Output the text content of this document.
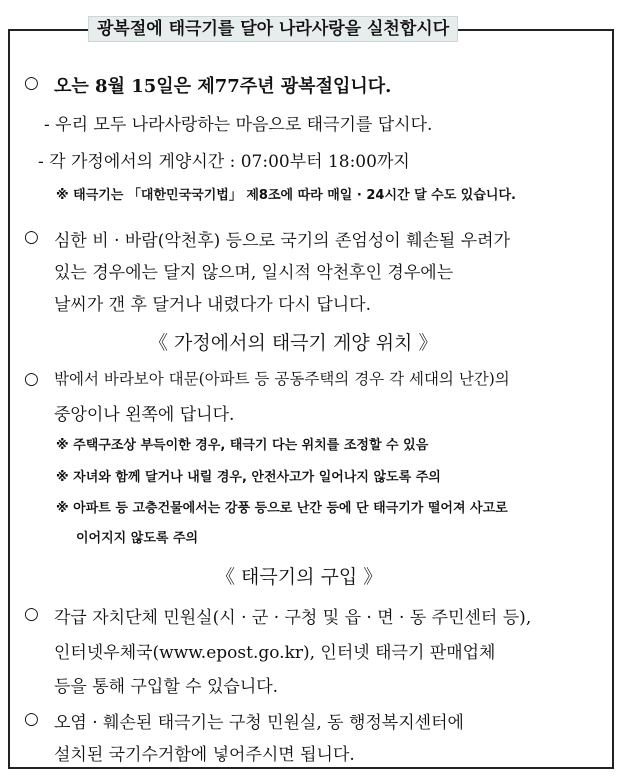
광복절에 태극기를 달아 나라사랑을 실천합시다
○ 오는 8월 15일은 제77주년 광복절입니다.
- 우리 모두 나라사랑하는 마음으로 태극기를 답시다.
- 각 가정에서의 게양시간 : 07:00부터 18:00까지
※ 태극기는 「대한민국국기법」 제8조에 따라 매일 · 24시간 달 수도 있습니다.
○ 심한 비 · 바람(악천후) 등으로 국기의 존엄성이 훼손될 우려가
있는 경우에는 달지 않으며, 일시적 악천후인 경우에는
날씨가 갠 후 달거나 내렸다가 다시 답니다.
《 가정에서의 태극기 게양 위치 》
○ 밖에서 바라보아 대문(아파트 등 공동주택의 경우 각 세대의 난간)의
중앙이나 왼쪽에 답니다.
※ 주택구조상 부득이한 경우, 태극기 다는 위치를 조정할 수 있음
※ 자녀와 함께 달거나 내릴 경우, 안전사고가 일어나지 않도록 주의
※ 아파트 등 고층건물에서는 강풍 등으로 난간 등에 단 태극기가 떨어져 사고로
이어지지 않도록 주의
《 태극기의 구입 》
○ 각급 자치단체 민원실(시 · 군 · 구청 및 읍 · 면 · 동 주민센터 등),
인터넷우체국(www.epost.go.kr), 인터넷 태극기 판매업체
등을 통해 구입할 수 있습니다.
○ 오염 · 훼손된 태극기는 구청 민원실, 동 행정복지센터에
설치된 국기수거함에 넣어주시면 됩니다.
